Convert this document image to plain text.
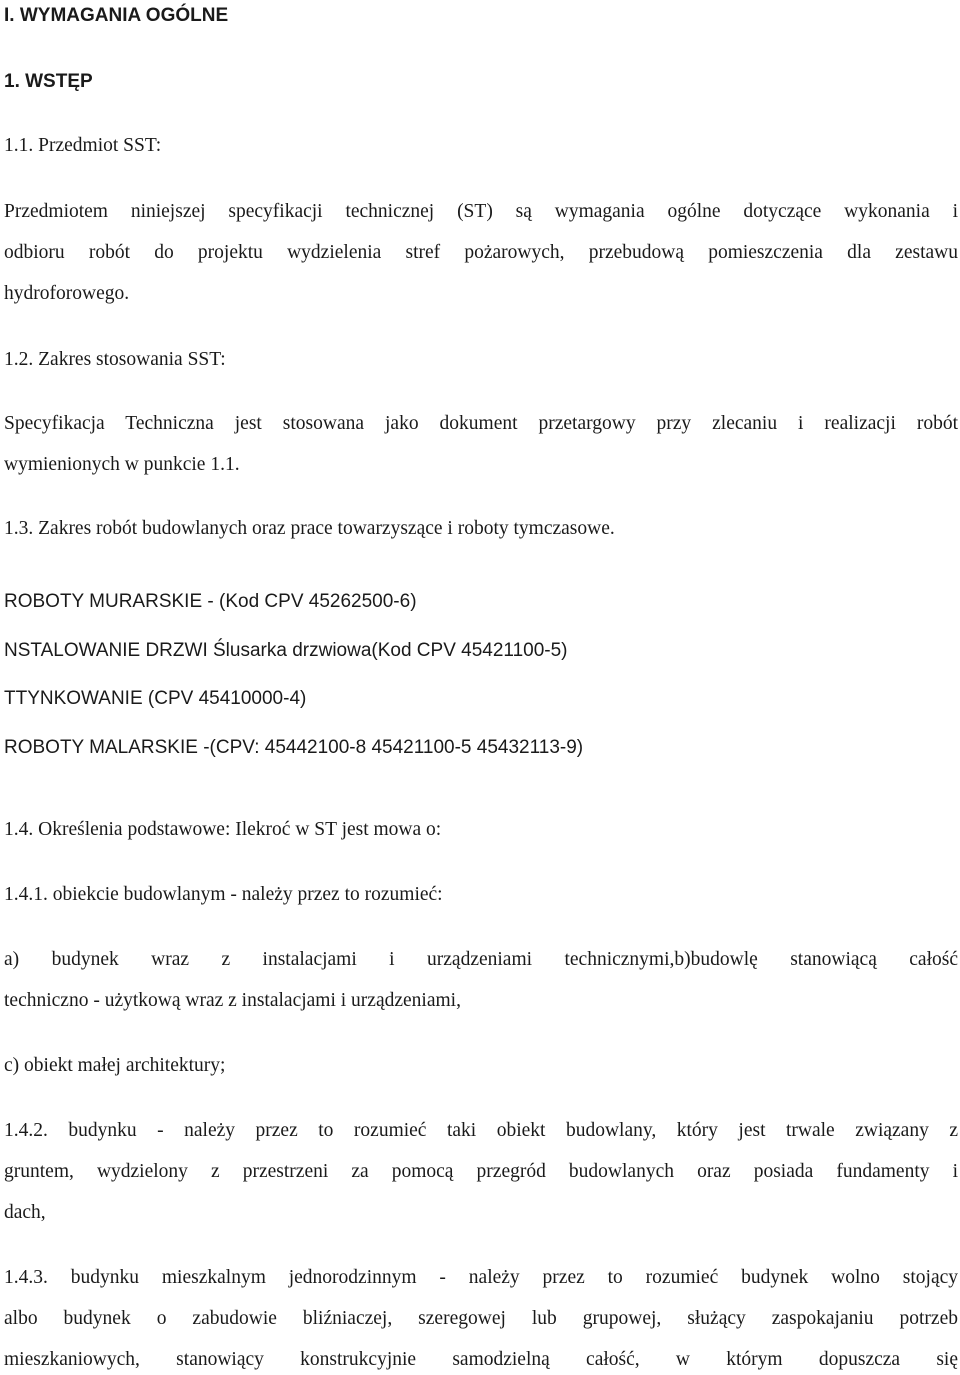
I. WYMAGANIA OGÓLNE
1. WSTĘP
1.1. Przedmiot SST:
Przedmiotem niniejszej specyfikacji technicznej (ST) są wymagania ogólne dotyczące wykonania i
odbioru robót do projektu wydzielenia stref pożarowych, przebudową pomieszczenia dla zestawu
hydroforowego.
1.2. Zakres stosowania SST:
Specyfikacja Techniczna jest stosowana jako dokument przetargowy przy zlecaniu i realizacji robót
wymienionych w punkcie 1.1.
1.3. Zakres robót budowlanych oraz prace towarzyszące i roboty tymczasowe.
ROBOTY MURARSKIE - (Kod CPV 45262500-6)
NSTALOWANIE DRZWI Ślusarka drzwiowa(Kod CPV 45421100-5)
TTYNKOWANIE (CPV 45410000-4)
ROBOTY MALARSKIE -(CPV: 45442100-8 45421100-5 45432113-9)
1.4. Określenia podstawowe: Ilekroć w ST jest mowa o:
1.4.1. obiekcie budowlanym - należy przez to rozumieć:
a) budynek wraz z instalacjami i urządzeniami technicznymi,b)budowlę stanowiącą całość
techniczno - użytkową wraz z instalacjami i urządzeniami,
c) obiekt małej architektury;
1.4.2. budynku - należy przez to rozumieć taki obiekt budowlany, który jest trwale związany z
gruntem, wydzielony z przestrzeni za pomocą przegród budowlanych oraz posiada fundamenty i
dach,
1.4.3. budynku mieszkalnym jednorodzinnym - należy przez to rozumieć budynek wolno stojący
albo budynek o zabudowie bliźniaczej, szeregowej lub grupowej, służący zaspokajaniu potrzeb
mieszkaniowych, stanowiący konstrukcyjnie samodzielną całość, w którym dopuszcza się
